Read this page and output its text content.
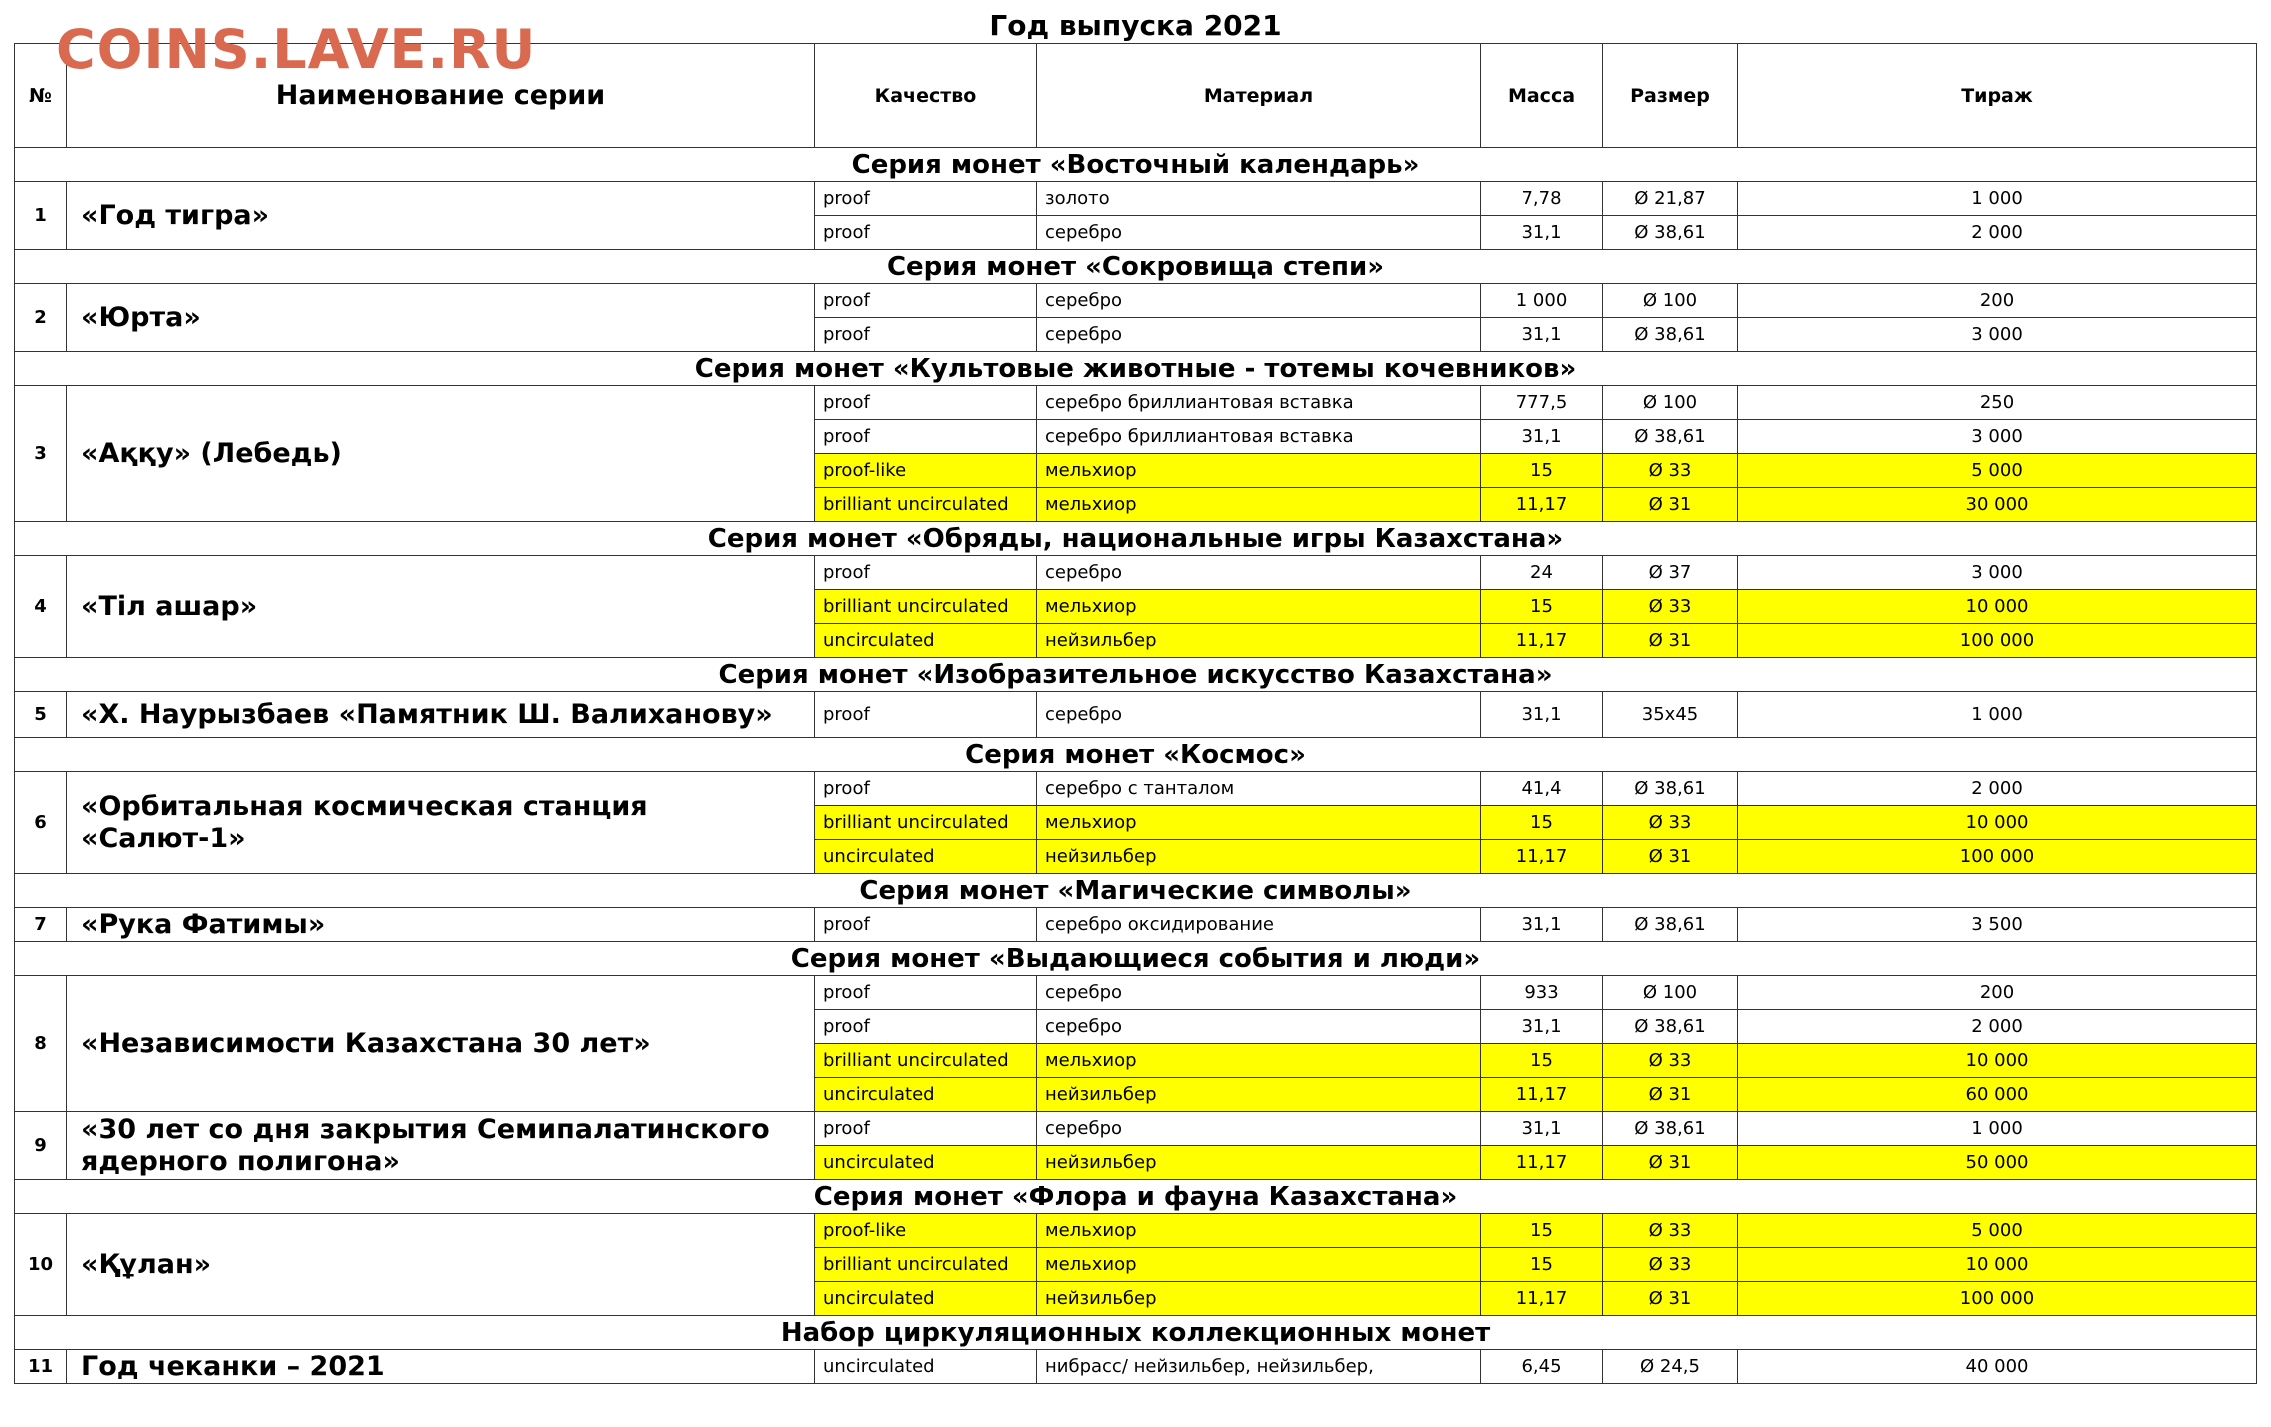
COINS.LAVE.RU	Год выпуска 2021
№	Наименование серии	Качество	Материал	Масса	Размер	Тираж
Серия монет «Восточный календарь»						
1	«Год тигра»	proof	золото	7,78	Ø 21,87	1 000
		proof	серебро	31,1	Ø 38,61	2 000
Серия монет «Сокровища степи»						
2	«Юрта»	proof	серебро	1 000	Ø 100	200
		proof	серебро	31,1	Ø 38,61	3 000
Серия монет «Культовые животные - тотемы кочевников»						
3	«Аққу» (Лебедь)	proof	серебро бриллиантовая вставка	777,5	Ø 100	250
		proof	серебро бриллиантовая вставка	31,1	Ø 38,61	3 000
		proof-like	мельхиор	15	Ø 33	5 000
		brilliant uncirculated	мельхиор	11,17	Ø 31	30 000
Серия монет «Обряды, национальные игры Казахстана»						
4	«Тіл ашар»	proof	серебро	24	Ø 37	3 000
		brilliant uncirculated	мельхиор	15	Ø 33	10 000
		uncirculated	нейзильбер	11,17	Ø 31	100 000
Серия монет «Изобразительное искусство Казахстана»						
5	«Х. Наурызбаев «Памятник Ш. Валиханову»	proof	серебро	31,1	35x45	1 000
Серия монет «Космос»						
6	«Орбитальная космическая станция «Салют-1»	proof	серебро с танталом	41,4	Ø 38,61	2 000
		brilliant uncirculated	мельхиор	15	Ø 33	10 000
		uncirculated	нейзильбер	11,17	Ø 31	100 000
Серия монет «Магические символы»						
7	«Рука Фатимы»	proof	серебро оксидирование	31,1	Ø 38,61	3 500
Серия монет «Выдающиеся события и люди»						
8	«Независимости Казахстана 30 лет»	proof	серебро	933	Ø 100	200
		proof	серебро	31,1	Ø 38,61	2 000
		brilliant uncirculated	мельхиор	15	Ø 33	10 000
		uncirculated	нейзильбер	11,17	Ø 31	60 000
9	«30 лет со дня закрытия Семипалатинского ядерного полигона»	proof	серебро	31,1	Ø 38,61	1 000
		uncirculated	нейзильбер	11,17	Ø 31	50 000
Серия монет «Флора и фауна Казахстана»						
10	«Құлан»	proof-like	мельхиор	15	Ø 33	5 000
		brilliant uncirculated	мельхиор	15	Ø 33	10 000
		uncirculated	нейзильбер	11,17	Ø 31	100 000
Набор циркуляционных коллекционных монет						
11	Год чеканки – 2021	uncirculated	нибрасс/ нейзильбер, нейзильбер,	6,45	Ø 24,5	40 000
